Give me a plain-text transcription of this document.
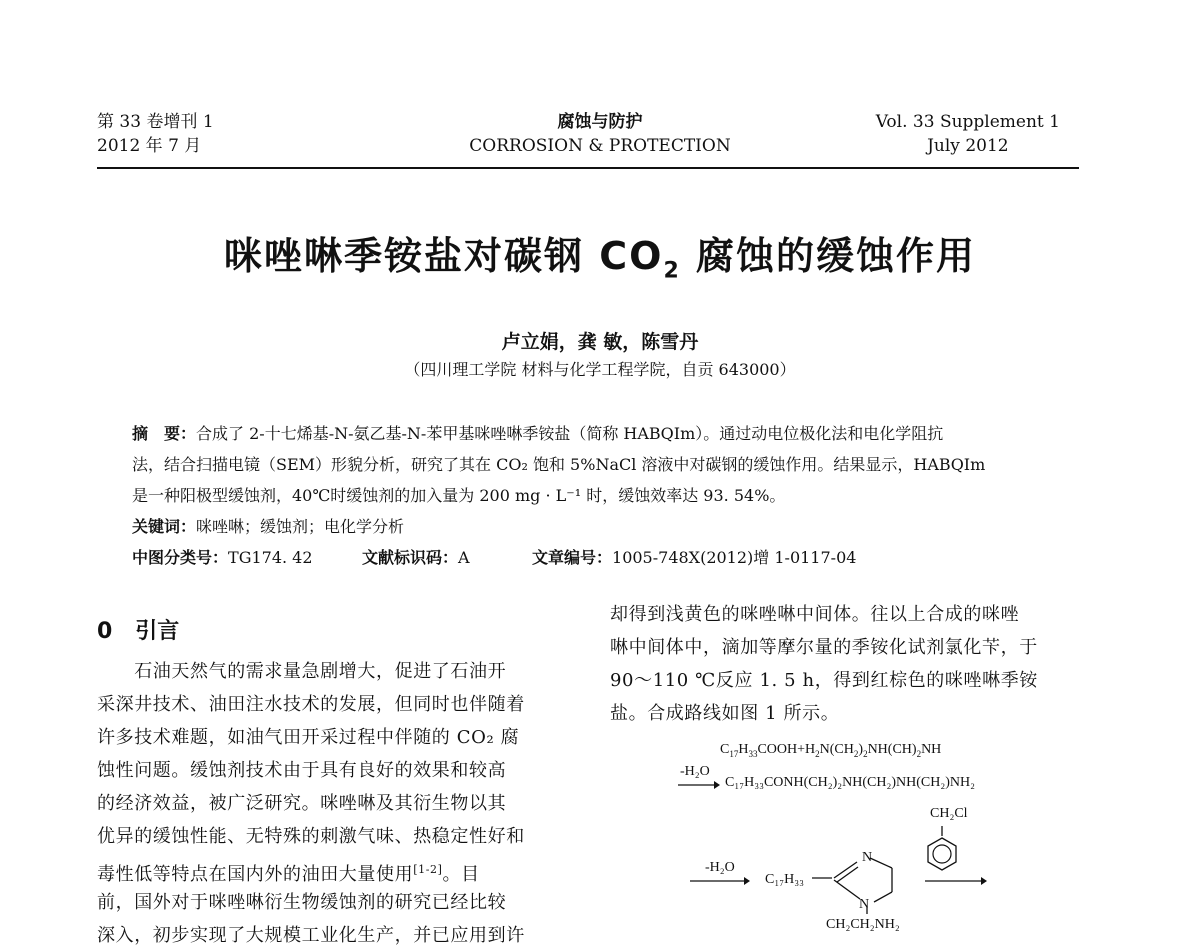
第 33 卷增刊 1
2012 年 7 月
腐蚀与防护
CORROSION & PROTECTION
Vol. 33 Supplement 1
July 2012
咪唑啉季铵盐对碳钢 $CO_2$ 腐蚀的缓蚀作用
卢立娟，龚 敏，陈雪丹
（四川理工学院 材料与化学工程学院，自贡 643000）
摘　要：合成了 2-十七烯基-N-氨乙基-N-苯甲基咪唑啉季铵盐（简称 HABQIm）。通过动电位极化法和电化学阻抗
法，结合扫描电镜（SEM）形貌分析，研究了其在 CO₂ 饱和 5%NaCl 溶液中对碳钢的缓蚀作用。结果显示，HABQIm
是一种阳极型缓蚀剂，40℃时缓蚀剂的加入量为 200 mg · L⁻¹ 时，缓蚀效率达 93. 54%。
关键词：咪唑啉；缓蚀剂；电化学分析
中图分类号：TG174. 42	文献标识码：A	文章编号：1005-748X(2012)增 1-0117-04
0 引言
　　石油天然气的需求量急剧增大，促进了石油开
采深井技术、油田注水技术的发展，但同时也伴随着
许多技术难题，如油气田开采过程中伴随的 CO₂ 腐
蚀性问题。缓蚀剂技术由于具有良好的效果和较高
的经济效益，被广泛研究。咪唑啉及其衍生物以其
优异的缓蚀性能、无特殊的刺激气味、热稳定性好和
毒性低等特点在国内外的油田大量使用[1-2]。目
前，国外对于咪唑啉衍生物缓蚀剂的研究已经比较
深入，初步实现了大规模工业化生产，并已应用到许
却得到浅黄色的咪唑啉中间体。往以上合成的咪唑
啉中间体中，滴加等摩尔量的季铵化试剂氯化苄，于
90～110 ℃反应 1. 5 h，得到红棕色的咪唑啉季铵
盐。合成路线如图 1 所示。
$C_{17}H_{33}COOH+H_2N(CH_2)_2NH(CH)_2NH$
-H₂O
C₁₇H₃₃CONH(CH₂)₂NH(CH₂)NH(CH₂)NH₂
CH₂Cl
-H₂O
C₁₇H₃₃
N
N
CH₂CH₂NH₂
